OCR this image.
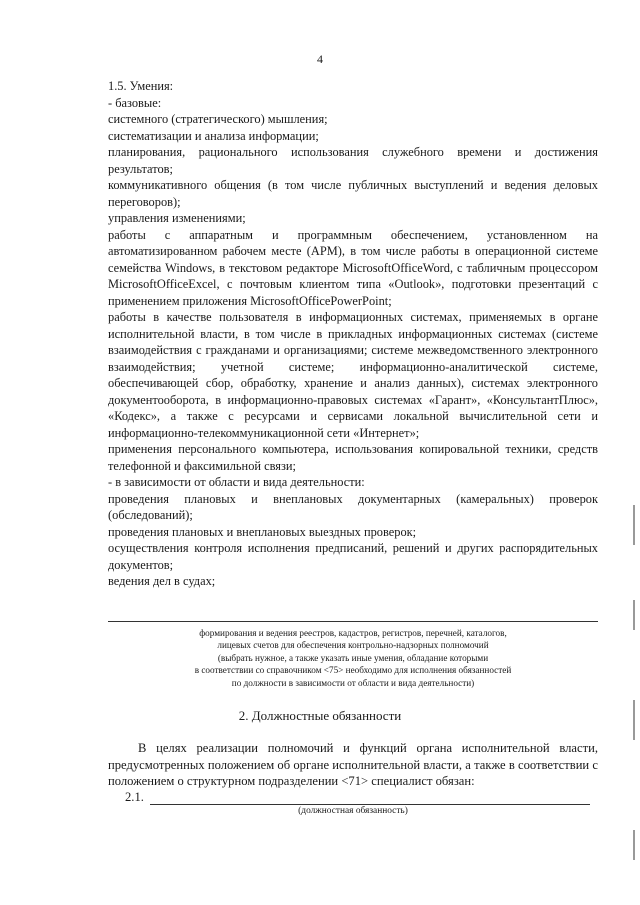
4

1.5. Умения:

- базовые:

системного (стратегического) мышления;

систематизации и анализа информации;

планирования, рационального использования служебного времени и достижения результатов;

коммуникативного общения (в том числе публичных выступлений и ведения деловых переговоров);

управления изменениями;

работы с аппаратным и программным обеспечением, установленном на автоматизированном рабочем месте (АРМ), в том числе работы в операционной системе семейства Windows, в текстовом редакторе MicrosoftOfficeWord, с табличным процессором MicrosoftOfficeExcel, с почтовым клиентом типа «Outlook», подготовки презентаций с применением приложения MicrosoftOfficePowerPoint;

работы в качестве пользователя в информационных системах, применяемых в органе исполнительной власти, в том числе в прикладных информационных системах (системе взаимодействия с гражданами и организациями; системе межведомственного электронного взаимодействия; учетной системе; информационно-аналитической системе, обеспечивающей сбор, обработку, хранение и анализ данных), системах электронного документооборота, в информационно-правовых системах «Гарант», «КонсультантПлюс», «Кодекс», а также с ресурсами и сервисами локальной вычислительной сети и информационно-телекоммуникационной сети «Интернет»;

применения персонального компьютера, использования копировальной техники, средств телефонной и факсимильной связи;

- в зависимости от области и вида деятельности:

проведения плановых и внеплановых документарных (камеральных) проверок (обследований);

проведения плановых и внеплановых выездных проверок;

осуществления контроля исполнения предписаний, решений и других распорядительных документов;

ведения дел в судах;

формирования и ведения реестров, кадастров, регистров, перечней, каталогов,

лицевых счетов для обеспечения контрольно-надзорных полномочий

(выбрать нужное, а также указать иные умения, обладание которыми

в соответствии со справочником <75> необходимо для исполнения обязанностей

по должности в зависимости от области и вида деятельности)

2. Должностные обязанности

В целях реализации полномочий и функций органа исполнительной власти, предусмотренных положением об органе исполнительной власти, а также в соответствии с положением о структурном подразделении <71> специалист обязан:

2.1.
(должностная обязанность)
